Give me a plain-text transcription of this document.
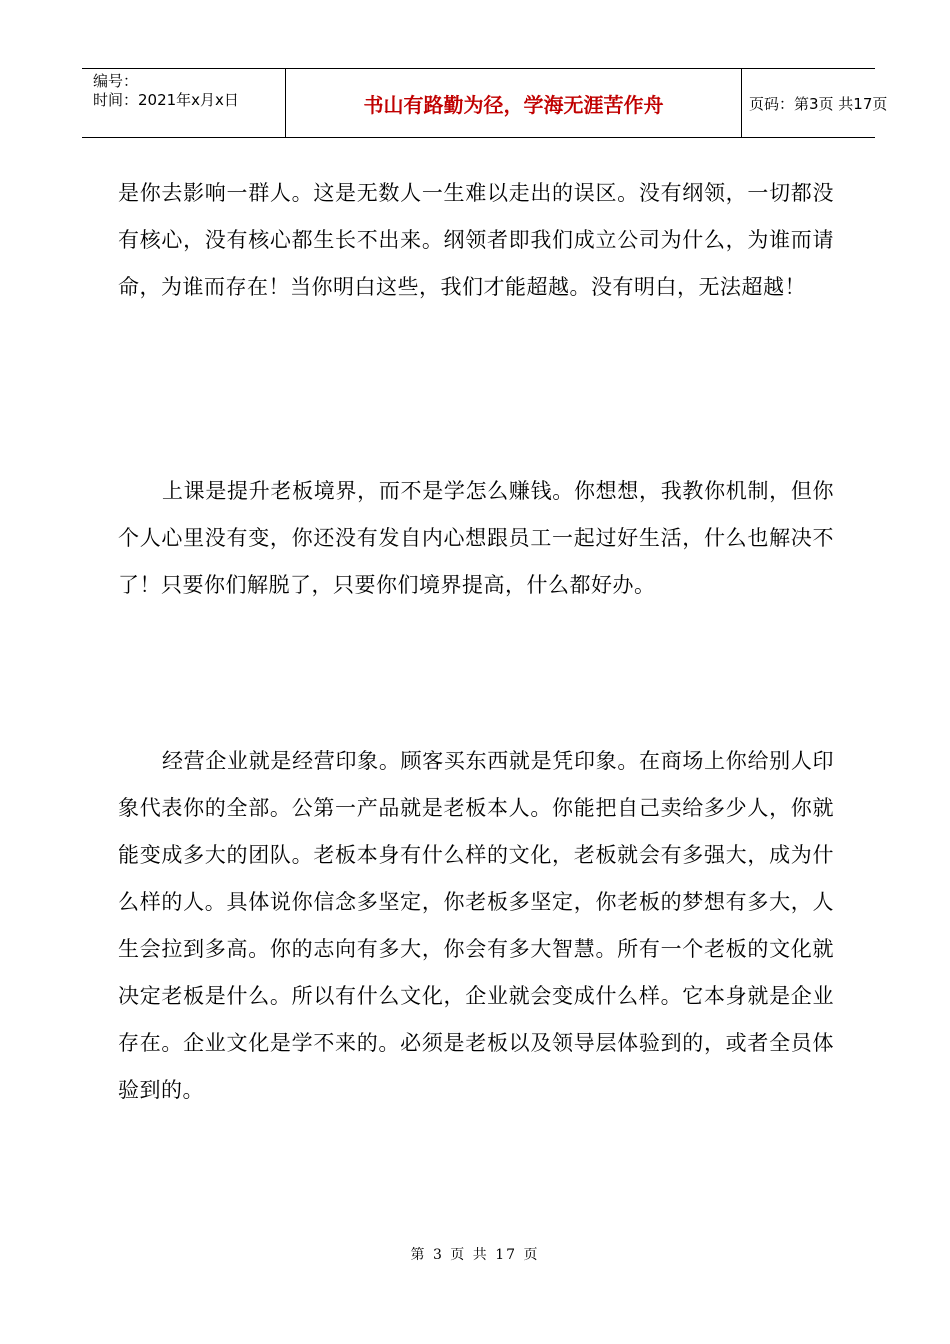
编号：
时间：2021年x月x日	书山有路勤为径，学海无涯苦作舟	页码：第3页 共17页

是你去影响一群人。这是无数人一生难以走出的误区。没有纲领，一切都没有核心，没有核心都生长不出来。纲领者即我们成立公司为什么，为谁而请命，为谁而存在！当你明白这些，我们才能超越。没有明白，无法超越！

上课是提升老板境界，而不是学怎么赚钱。你想想，我教你机制，但你个人心里没有变，你还没有发自内心想跟员工一起过好生活，什么也解决不了！只要你们解脱了，只要你们境界提高，什么都好办。

经营企业就是经营印象。顾客买东西就是凭印象。在商场上你给别人印象代表你的全部。公第一产品就是老板本人。你能把自己卖给多少人，你就能变成多大的团队。老板本身有什么样的文化，老板就会有多强大，成为什么样的人。具体说你信念多坚定，你老板多坚定，你老板的梦想有多大，人生会拉到多高。你的志向有多大，你会有多大智慧。所有一个老板的文化就决定老板是什么。所以有什么文化，企业就会变成什么样。它本身就是企业存在。企业文化是学不来的。必须是老板以及领导层体验到的，或者全员体验到的。

第 3 页 共 17 页
